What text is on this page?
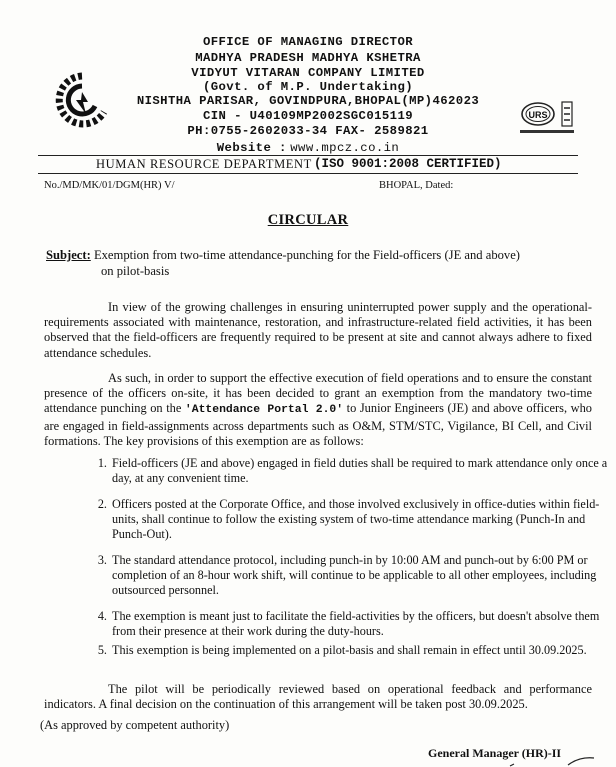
URS
OFFICE OF MANAGING DIRECTOR
MADHYA PRADESH MADHYA KSHETRA
VIDYUT VITARAN COMPANY LIMITED
(Govt. of M.P. Undertaking)
NISHTHA PARISAR, GOVINDPURA,BHOPAL(MP)462023
CIN - U40109MP2002SGC015119
PH:0755-2602033-34 FAX- 2589821
Website : www.mpcz.co.in
HUMAN RESOURCE DEPARTMENT (ISO 9001:2008 CERTIFIED)
No./MD/MK/01/DGM(HR) V/	BHOPAL, Dated:
CIRCULAR
Subject: Exemption from two-time attendance-punching for the Field-officers (JE and above)
on pilot-basis
In view of the growing challenges in ensuring uninterrupted power supply and the operational-requirements associated with maintenance, restoration, and infrastructure-related field activities, it has been observed that the field-officers are frequently required to be present at site and cannot always adhere to fixed attendance schedules.
As such, in order to support the effective execution of field operations and to ensure the constant presence of the officers on-site, it has been decided to grant an exemption from the mandatory two-time attendance punching on the 'Attendance Portal 2.0' to Junior Engineers (JE) and above officers, who are engaged in field-assignments across departments such as O&M, STM/STC, Vigilance, BI Cell, and Civil formations. The key provisions of this exemption are as follows:
1. Field-officers (JE and above) engaged in field duties shall be required to mark attendance only once a day, at any convenient time.
2. Officers posted at the Corporate Office, and those involved exclusively in office-duties within field-units, shall continue to follow the existing system of two-time attendance marking (Punch-In and Punch-Out).
3. The standard attendance protocol, including punch-in by 10:00 AM and punch-out by 6:00 PM or completion of an 8-hour work shift, will continue to be applicable to all other employees, including outsourced personnel.
4. The exemption is meant just to facilitate the field-activities by the officers, but doesn't absolve them from their presence at their work during the duty-hours.
5. This exemption is being implemented on a pilot-basis and shall remain in effect until 30.09.2025.
The pilot will be periodically reviewed based on operational feedback and performance indicators. A final decision on the continuation of this arrangement will be taken post 30.09.2025.
(As approved by competent authority)
General Manager (HR)-II
